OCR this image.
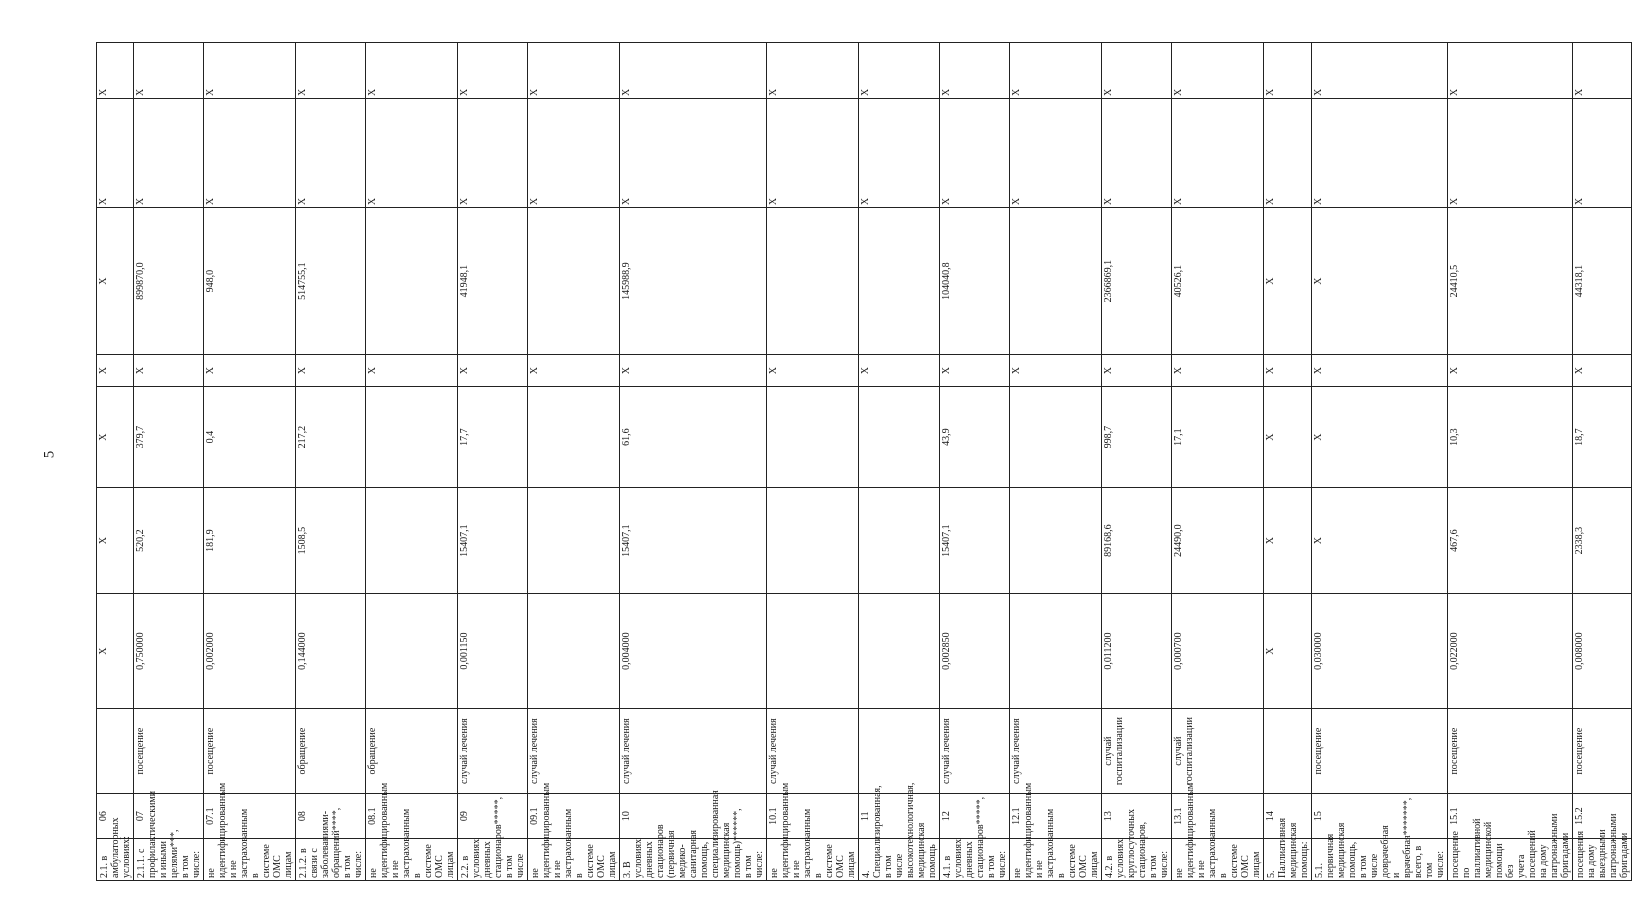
5
2.1. в амбулаторных условиях:	06		X	X	X	X	X	X	X
2.1.1. с профилактическими и иными целями***, в том числе:	07	посещение	0,750000	520,2	379,7	X	899870,0	X	X
не идентифицированным и не застрахованным в системе ОМС лицам	07.1	посещение	0,002000	181,9	0,4	X	948,0	X	X
2.1.2. в связи с заболеваниями-обращений****, в том числе:	08	обращение	0,144000	1508,5	217,2	X	514755,1	X	X
не идентифицированным и не застрахованным в системе ОМС лицам	08.1	обращение				X		X	X
2.2. в условиях дневных стационаров*****, в том числе	09	случай лечения	0,001150	15407,1	17,7	X	41948,1	X	X
не идентифицированным и не застрахованным в системе ОМС лицам	09.1	случай лечения				X		X	X
3. В условиях дневных стационаров (первичная медико-санитарная помощь, специализированная медицинская помощь)******, в том числе:	10	случай лечения	0,004000	15407,1	61,6	X	145988,9	X	X
не идентифицированным и не застрахованным в системе ОМС лицам	10.1	случай лечения				X		X	X
4. Специализированная, в том числе высокотехнологичная, медицинская помощь	11					X		X	X
4.1. в условиях дневных стационаров*****, в том числе:	12	случай лечения	0,002850	15407,1	43,9	X	104040,8	X	X
не идентифицированным и не застрахованным в системе ОМС лицам	12.1	случай лечения				X		X	X
4.2. в условиях круглосуточных стационаров, в том числе:	13	случай госпитализации	0,011200	89168,6	998,7	X	2366869,1	X	X
не идентифицированным и не застрахованным в системе ОМС лицам	13.1	случай госпитализации	0,000700	24490,0	17,1	X	40526,1	X	X
5. Паллиативная медицинская помощь:	14		X	X	X	X	X	X	X
5.1. первичная медицинская помощь, в том числе доврачебная и врачебная*******, всего, в том числе:	15	посещение	0,030000	X	X	X	X	X	X
посещение по паллиативной медицинской помощи без учета посещений на дому патронажными бригадами	15.1	посещение	0,022000	467,6	10,3	X	24410,5	X	X
посещения на дому выездными патронажными бригадами	15.2	посещение	0,008000	2338,3	18,7	X	44318,1	X	X
